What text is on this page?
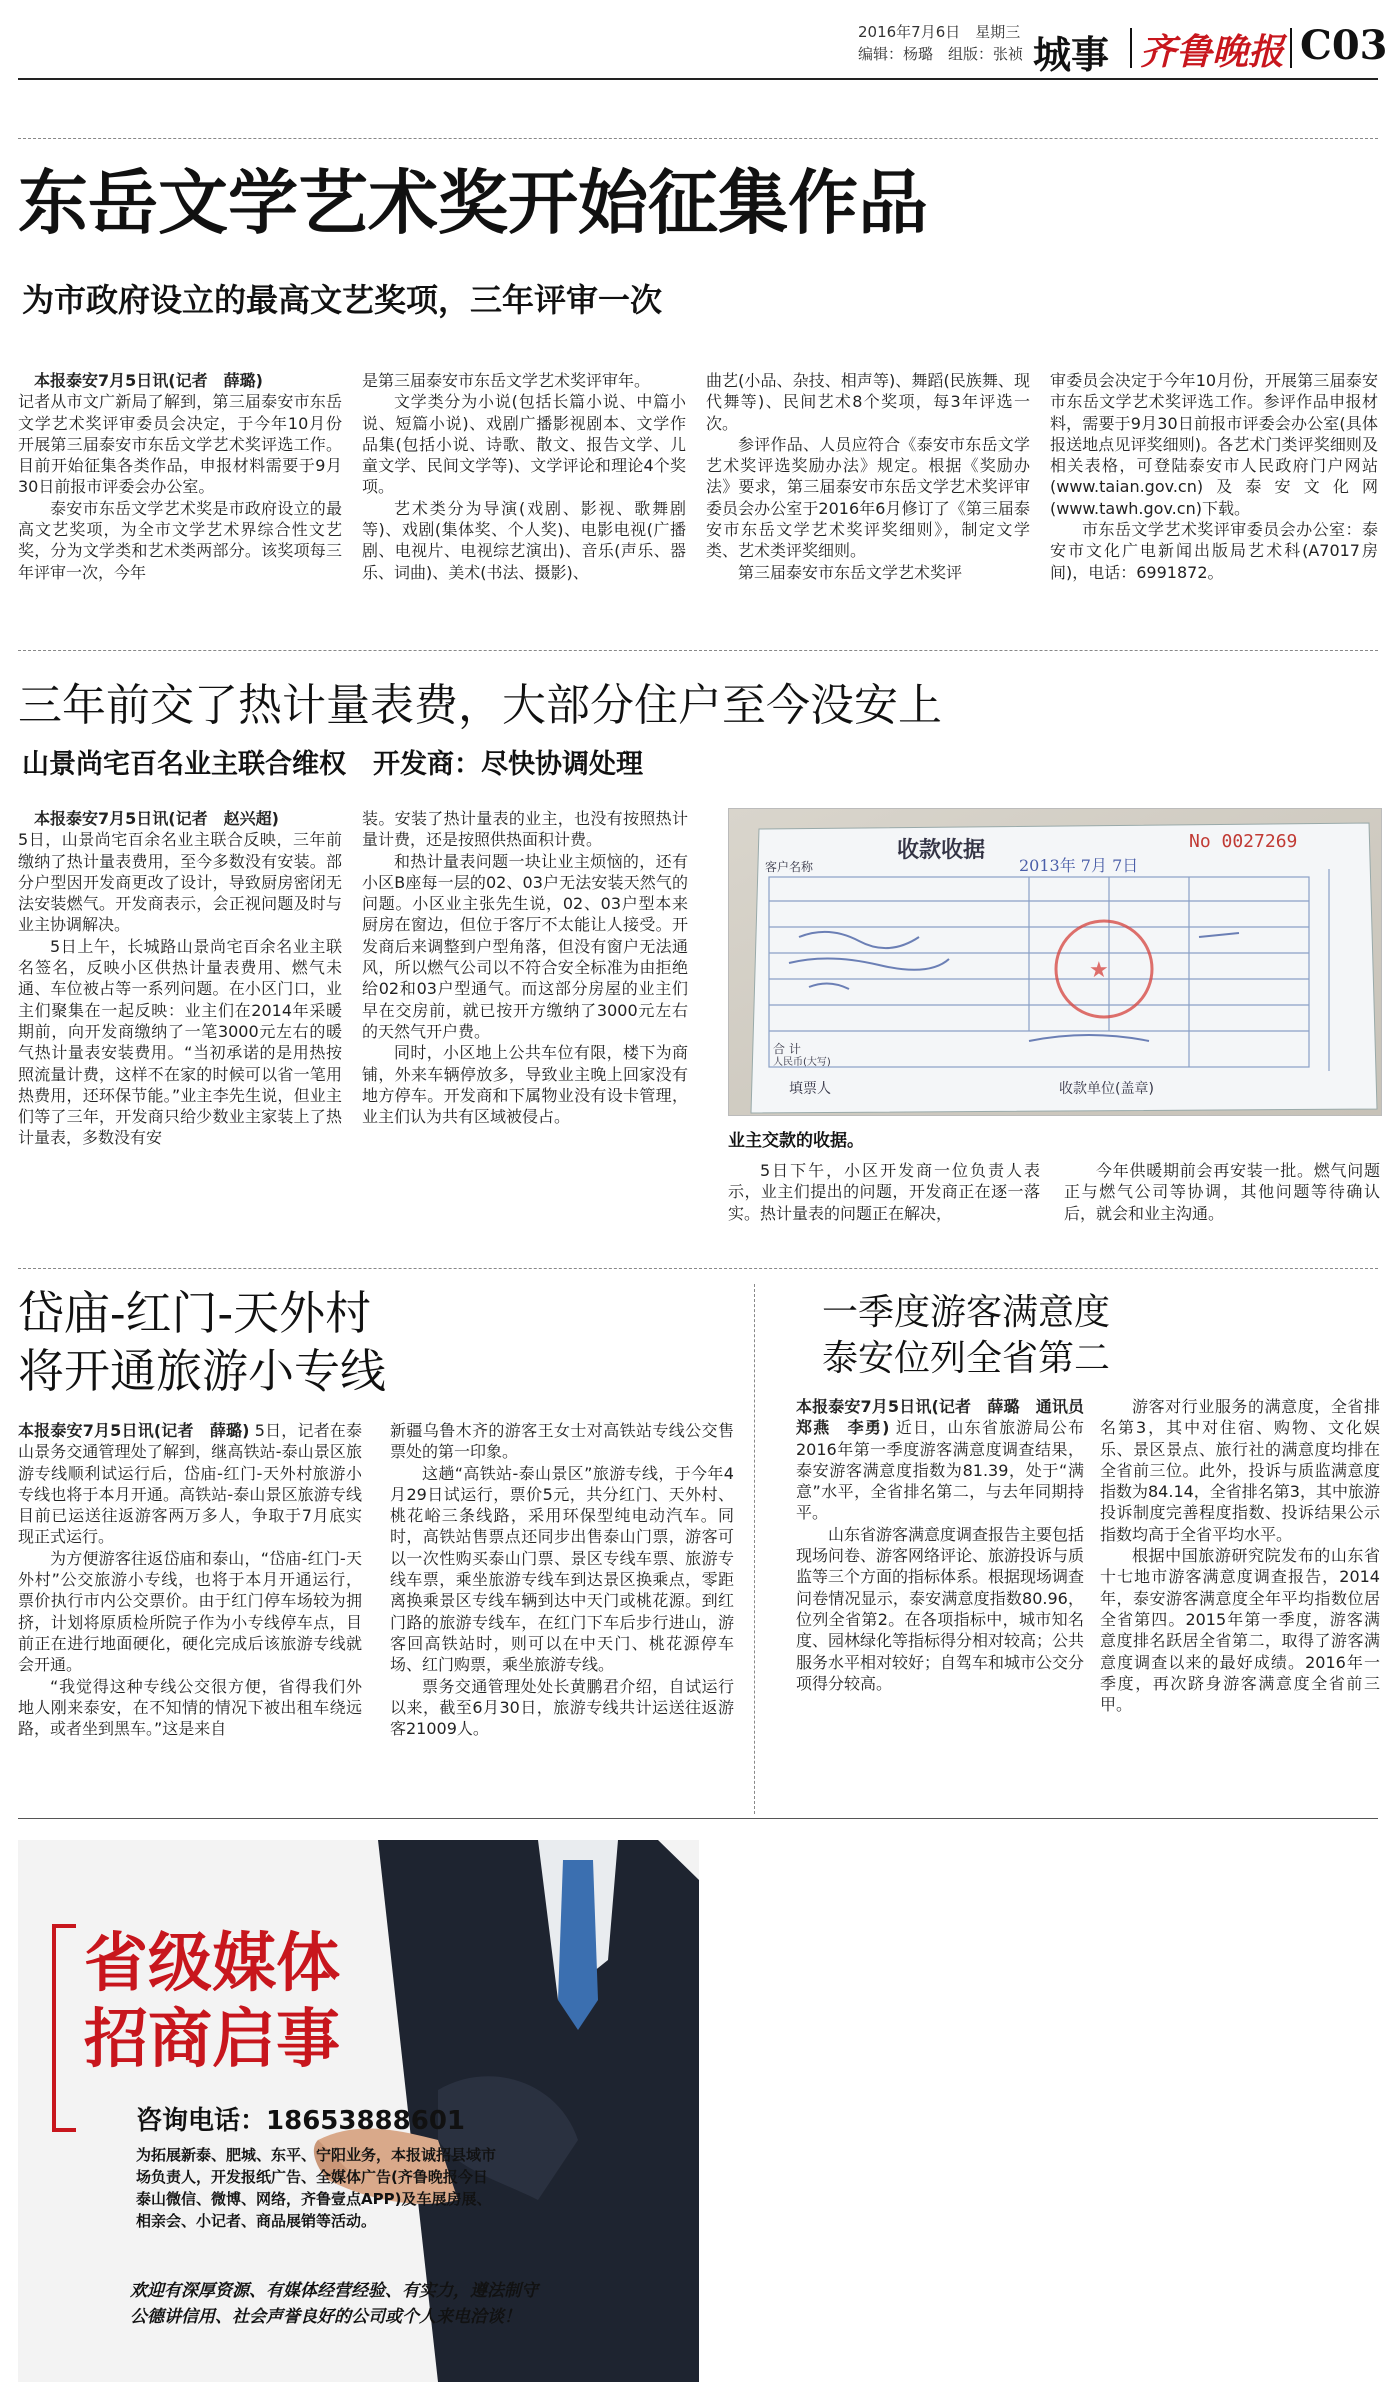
2016年7月6日　星期三
编辑：杨璐　组版：张祯 城事 齐鲁晚报 C03
东岳文学艺术奖开始征集作品
为市政府设立的最高文艺奖项，三年评审一次

本报泰安7月5日讯(记者　薛璐)

记者从市文广新局了解到，第三届泰安市东岳文学艺术奖评审委员会决定，于今年10月份开展第三届泰安市东岳文学艺术奖评选工作。目前开始征集各类作品，申报材料需要于9月30日前报市评委会办公室。

泰安市东岳文学艺术奖是市政府设立的最高文艺奖项，为全市文学艺术界综合性文艺奖，分为文学类和艺术类两部分。该奖项每三年评审一次，今年

是第三届泰安市东岳文学艺术奖评审年。

文学类分为小说(包括长篇小说、中篇小说、短篇小说)、戏剧广播影视剧本、文学作品集(包括小说、诗歌、散文、报告文学、儿童文学、民间文学等)、文学评论和理论4个奖项。

艺术类分为导演(戏剧、影视、歌舞剧等)、戏剧(集体奖、个人奖)、电影电视(广播剧、电视片、电视综艺演出)、音乐(声乐、器乐、词曲)、美术(书法、摄影)、

曲艺(小品、杂技、相声等)、舞蹈(民族舞、现代舞等)、民间艺术8个奖项，每3年评选一次。

参评作品、人员应符合《泰安市东岳文学艺术奖评选奖励办法》规定。根据《奖励办法》要求，第三届泰安市东岳文学艺术奖评审委员会办公室于2016年6月修订了《第三届泰安市东岳文学艺术奖评奖细则》，制定文学类、艺术类评奖细则。

第三届泰安市东岳文学艺术奖评

审委员会决定于今年10月份，开展第三届泰安市东岳文学艺术奖评选工作。参评作品申报材料，需要于9月30日前报市评委会办公室(具体报送地点见评奖细则)。各艺术门类评奖细则及相关表格，可登陆泰安市人民政府门户网站(www.taian.gov.cn)及泰安文化网(www.tawh.gov.cn)下载。

市东岳文学艺术奖评审委员会办公室：泰安市文化广电新闻出版局艺术科(A7017房间)，电话：6991872。

三年前交了热计量表费，大部分住户至今没安上
山景尚宅百名业主联合维权　开发商：尽快协调处理

本报泰安7月5日讯(记者　赵兴超)

5日，山景尚宅百余名业主联合反映，三年前缴纳了热计量表费用，至今多数没有安装。部分户型因开发商更改了设计，导致厨房密闭无法安装燃气。开发商表示，会正视问题及时与业主协调解决。

5日上午，长城路山景尚宅百余名业主联名签名，反映小区供热计量表费用、燃气未通、车位被占等一系列问题。在小区门口，业主们聚集在一起反映：业主们在2014年采暖期前，向开发商缴纳了一笔3000元左右的暖气热计量表安装费用。“当初承诺的是用热按照流量计费，这样不在家的时候可以省一笔用热费用，还环保节能。”业主李先生说，但业主们等了三年，开发商只给少数业主家装上了热计量表，多数没有安

装。安装了热计量表的业主，也没有按照热计量计费，还是按照供热面积计费。

和热计量表问题一块让业主烦恼的，还有小区B座每一层的02、03户无法安装天然气的问题。小区业主张先生说，02、03户型本来厨房在窗边，但位于客厅不太能让人接受。开发商后来调整到户型角落，但没有窗户无法通风，所以燃气公司以不符合安全标准为由拒绝给02和03户型通气。而这部分房屋的业主们早在交房前，就已按开方缴纳了3000元左右的天然气开户费。

同时，小区地上公共车位有限，楼下为商铺，外来车辆停放多，导致业主晚上回家没有地方停车。开发商和下属物业没有设卡管理，业主们认为共有区域被侵占。

★
收款收据	No 0027269
客户名称	2013年 7月 7日
合 计
人民币(大写)
填票人	收款单位(盖章)
业主交款的收据。

5日下午，小区开发商一位负责人表示，业主们提出的问题，开发商正在逐一落实。热计量表的问题正在解决，

今年供暖期前会再安装一批。燃气问题正与燃气公司等协调，其他问题等待确认后，就会和业主沟通。

岱庙-红门-天外村
将开通旅游小专线

本报泰安7月5日讯(记者　薛璐) 5日，记者在泰山景务交通管理处了解到，继高铁站-泰山景区旅游专线顺利试运行后，岱庙-红门-天外村旅游小专线也将于本月开通。高铁站-泰山景区旅游专线目前已运送往返游客两万多人，争取于7月底实现正式运行。

为方便游客往返岱庙和泰山，“岱庙-红门-天外村”公交旅游小专线，也将于本月开通运行，票价执行市内公交票价。由于红门停车场较为拥挤，计划将原质检所院子作为小专线停车点，目前正在进行地面硬化，硬化完成后该旅游专线就会开通。

“我觉得这种专线公交很方便，省得我们外地人刚来泰安，在不知情的情况下被出租车绕远路，或者坐到黑车。”这是来自

新疆乌鲁木齐的游客王女士对高铁站专线公交售票处的第一印象。

这趟“高铁站-泰山景区”旅游专线，于今年4月29日试运行，票价5元，共分红门、天外村、桃花峪三条线路，采用环保型纯电动汽车。同时，高铁站售票点还同步出售泰山门票，游客可以一次性购买泰山门票、景区专线车票、旅游专线车票，乘坐旅游专线车到达景区换乘点，零距离换乘景区专线车辆到达中天门或桃花源。到红门路的旅游专线车，在红门下车后步行进山，游客回高铁站时，则可以在中天门、桃花源停车场、红门购票，乘坐旅游专线。

票务交通管理处处长黄鹏君介绍，自试运行以来，截至6月30日，旅游专线共计运送往返游客21009人。

一季度游客满意度
泰安位列全省第二

本报泰安7月5日讯(记者　薛璐　通讯员　郑燕　李勇) 近日，山东省旅游局公布2016年第一季度游客满意度调查结果，泰安游客满意度指数为81.39，处于“满意”水平，全省排名第二，与去年同期持平。

山东省游客满意度调查报告主要包括现场问卷、游客网络评论、旅游投诉与质监等三个方面的指标体系。根据现场调查问卷情况显示，泰安满意度指数80.96，位列全省第2。在各项指标中，城市知名度、园林绿化等指标得分相对较高；公共服务水平相对较好；自驾车和城市公交分项得分较高。

游客对行业服务的满意度，全省排名第3，其中对住宿、购物、文化娱乐、景区景点、旅行社的满意度均排在全省前三位。此外，投诉与质监满意度指数为84.14，全省排名第3，其中旅游投诉制度完善程度指数、投诉结果公示指数均高于全省平均水平。

根据中国旅游研究院发布的山东省十七地市游客满意度调查报告，2014年，泰安游客满意度全年平均指数位居全省第四。2015年第一季度，游客满意度排名跃居全省第二，取得了游客满意度调查以来的最好成绩。2016年一季度，再次跻身游客满意度全省前三甲。

省级媒体
招商启事
咨询电话：18653888601
为拓展新泰、肥城、东平、宁阳业务，本报诚招县域市场负责人，开发报纸广告、全媒体广告(齐鲁晚报今日泰山微信、微博、网络，齐鲁壹点APP)及车展房展、相亲会、小记者、商品展销等活动。
欢迎有深厚资源、有媒体经营经验、有实力，遵法制守公德讲信用、社会声誉良好的公司或个人来电洽谈！
